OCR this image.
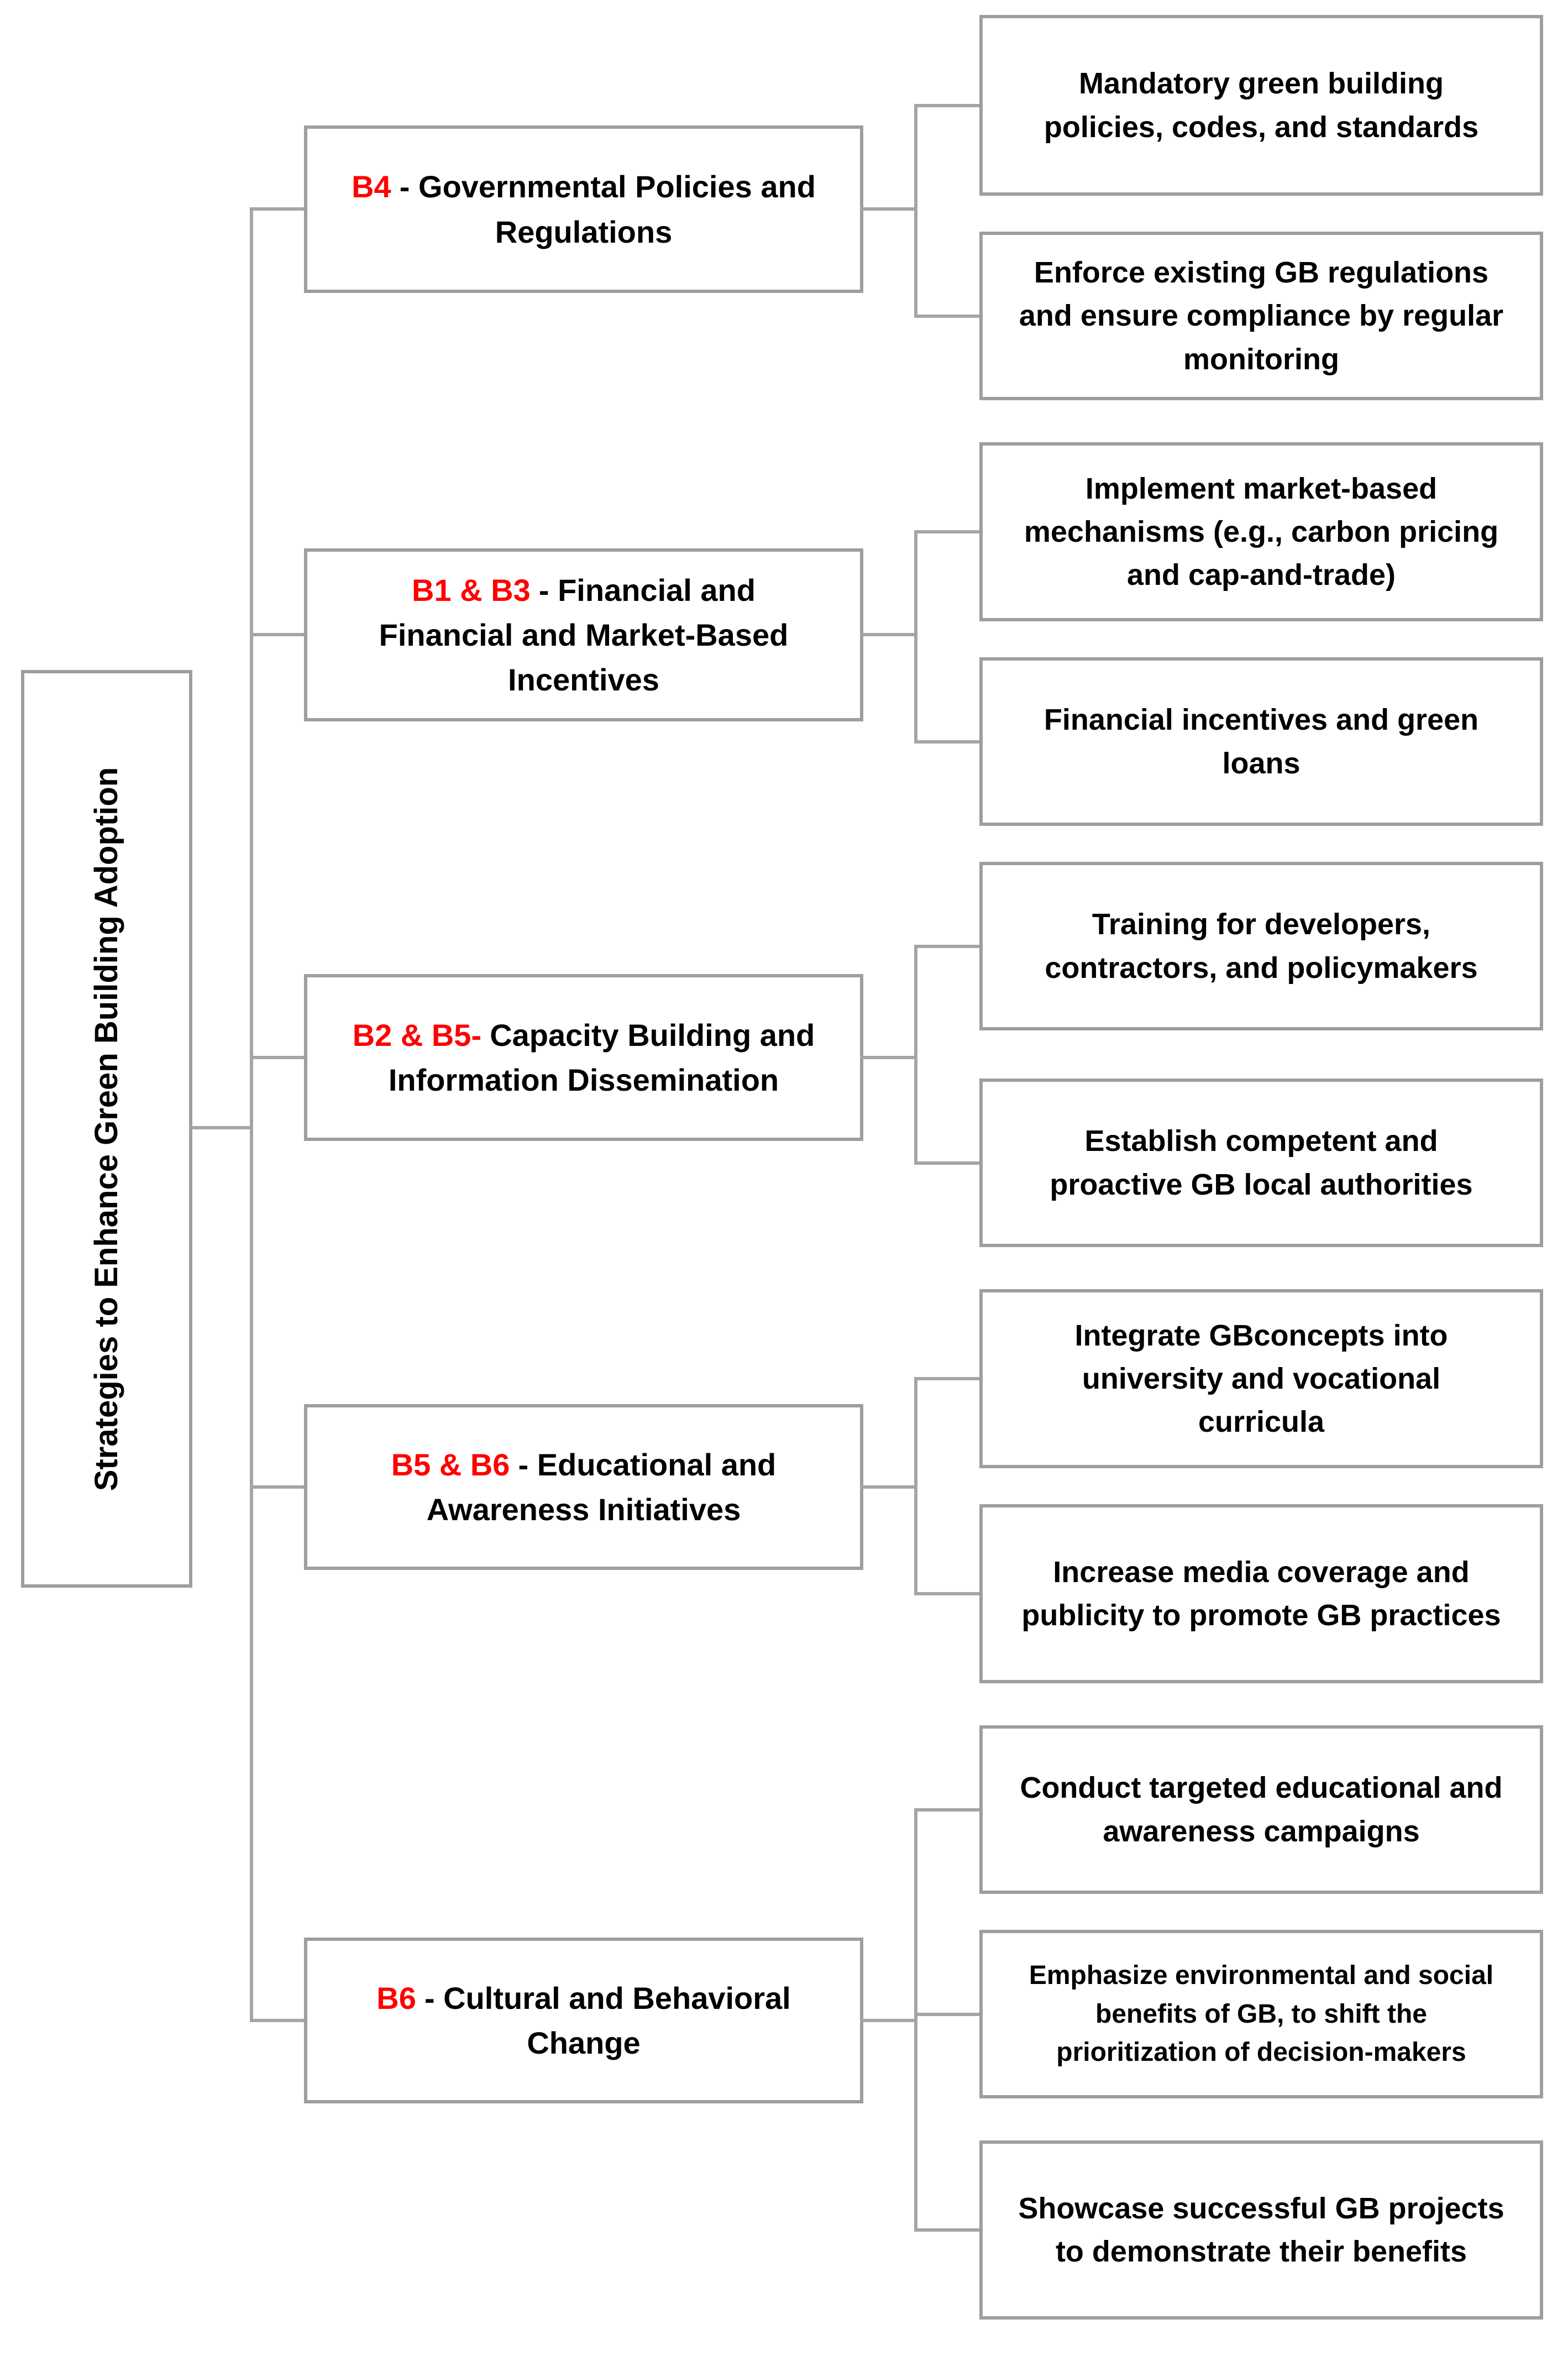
Strategies to Enhance Green Building Adoption
B4 - Governmental Policies and Regulations
B1 & B3 - Financial and Financial and Market-Based Incentives
B2 & B5- Capacity Building and Information Dissemination
B5 & B6 - Educational and Awareness Initiatives
B6 - Cultural and Behavioral Change
Mandatory green building policies, codes, and standards
Enforce existing GB regulations and ensure compliance by regular monitoring
Implement market-based mechanisms (e.g., carbon pricing and cap-and-trade)
Financial incentives and green loans
Training for developers, contractors, and policymakers
Establish competent and proactive GB local authorities
Integrate GBconcepts into university and vocational curricula
Increase media coverage and publicity to promote GB practices
Conduct targeted educational and awareness campaigns
Emphasize environmental and social benefits of GB, to shift the prioritization of decision-makers
Showcase successful GB projects to demonstrate their benefits
